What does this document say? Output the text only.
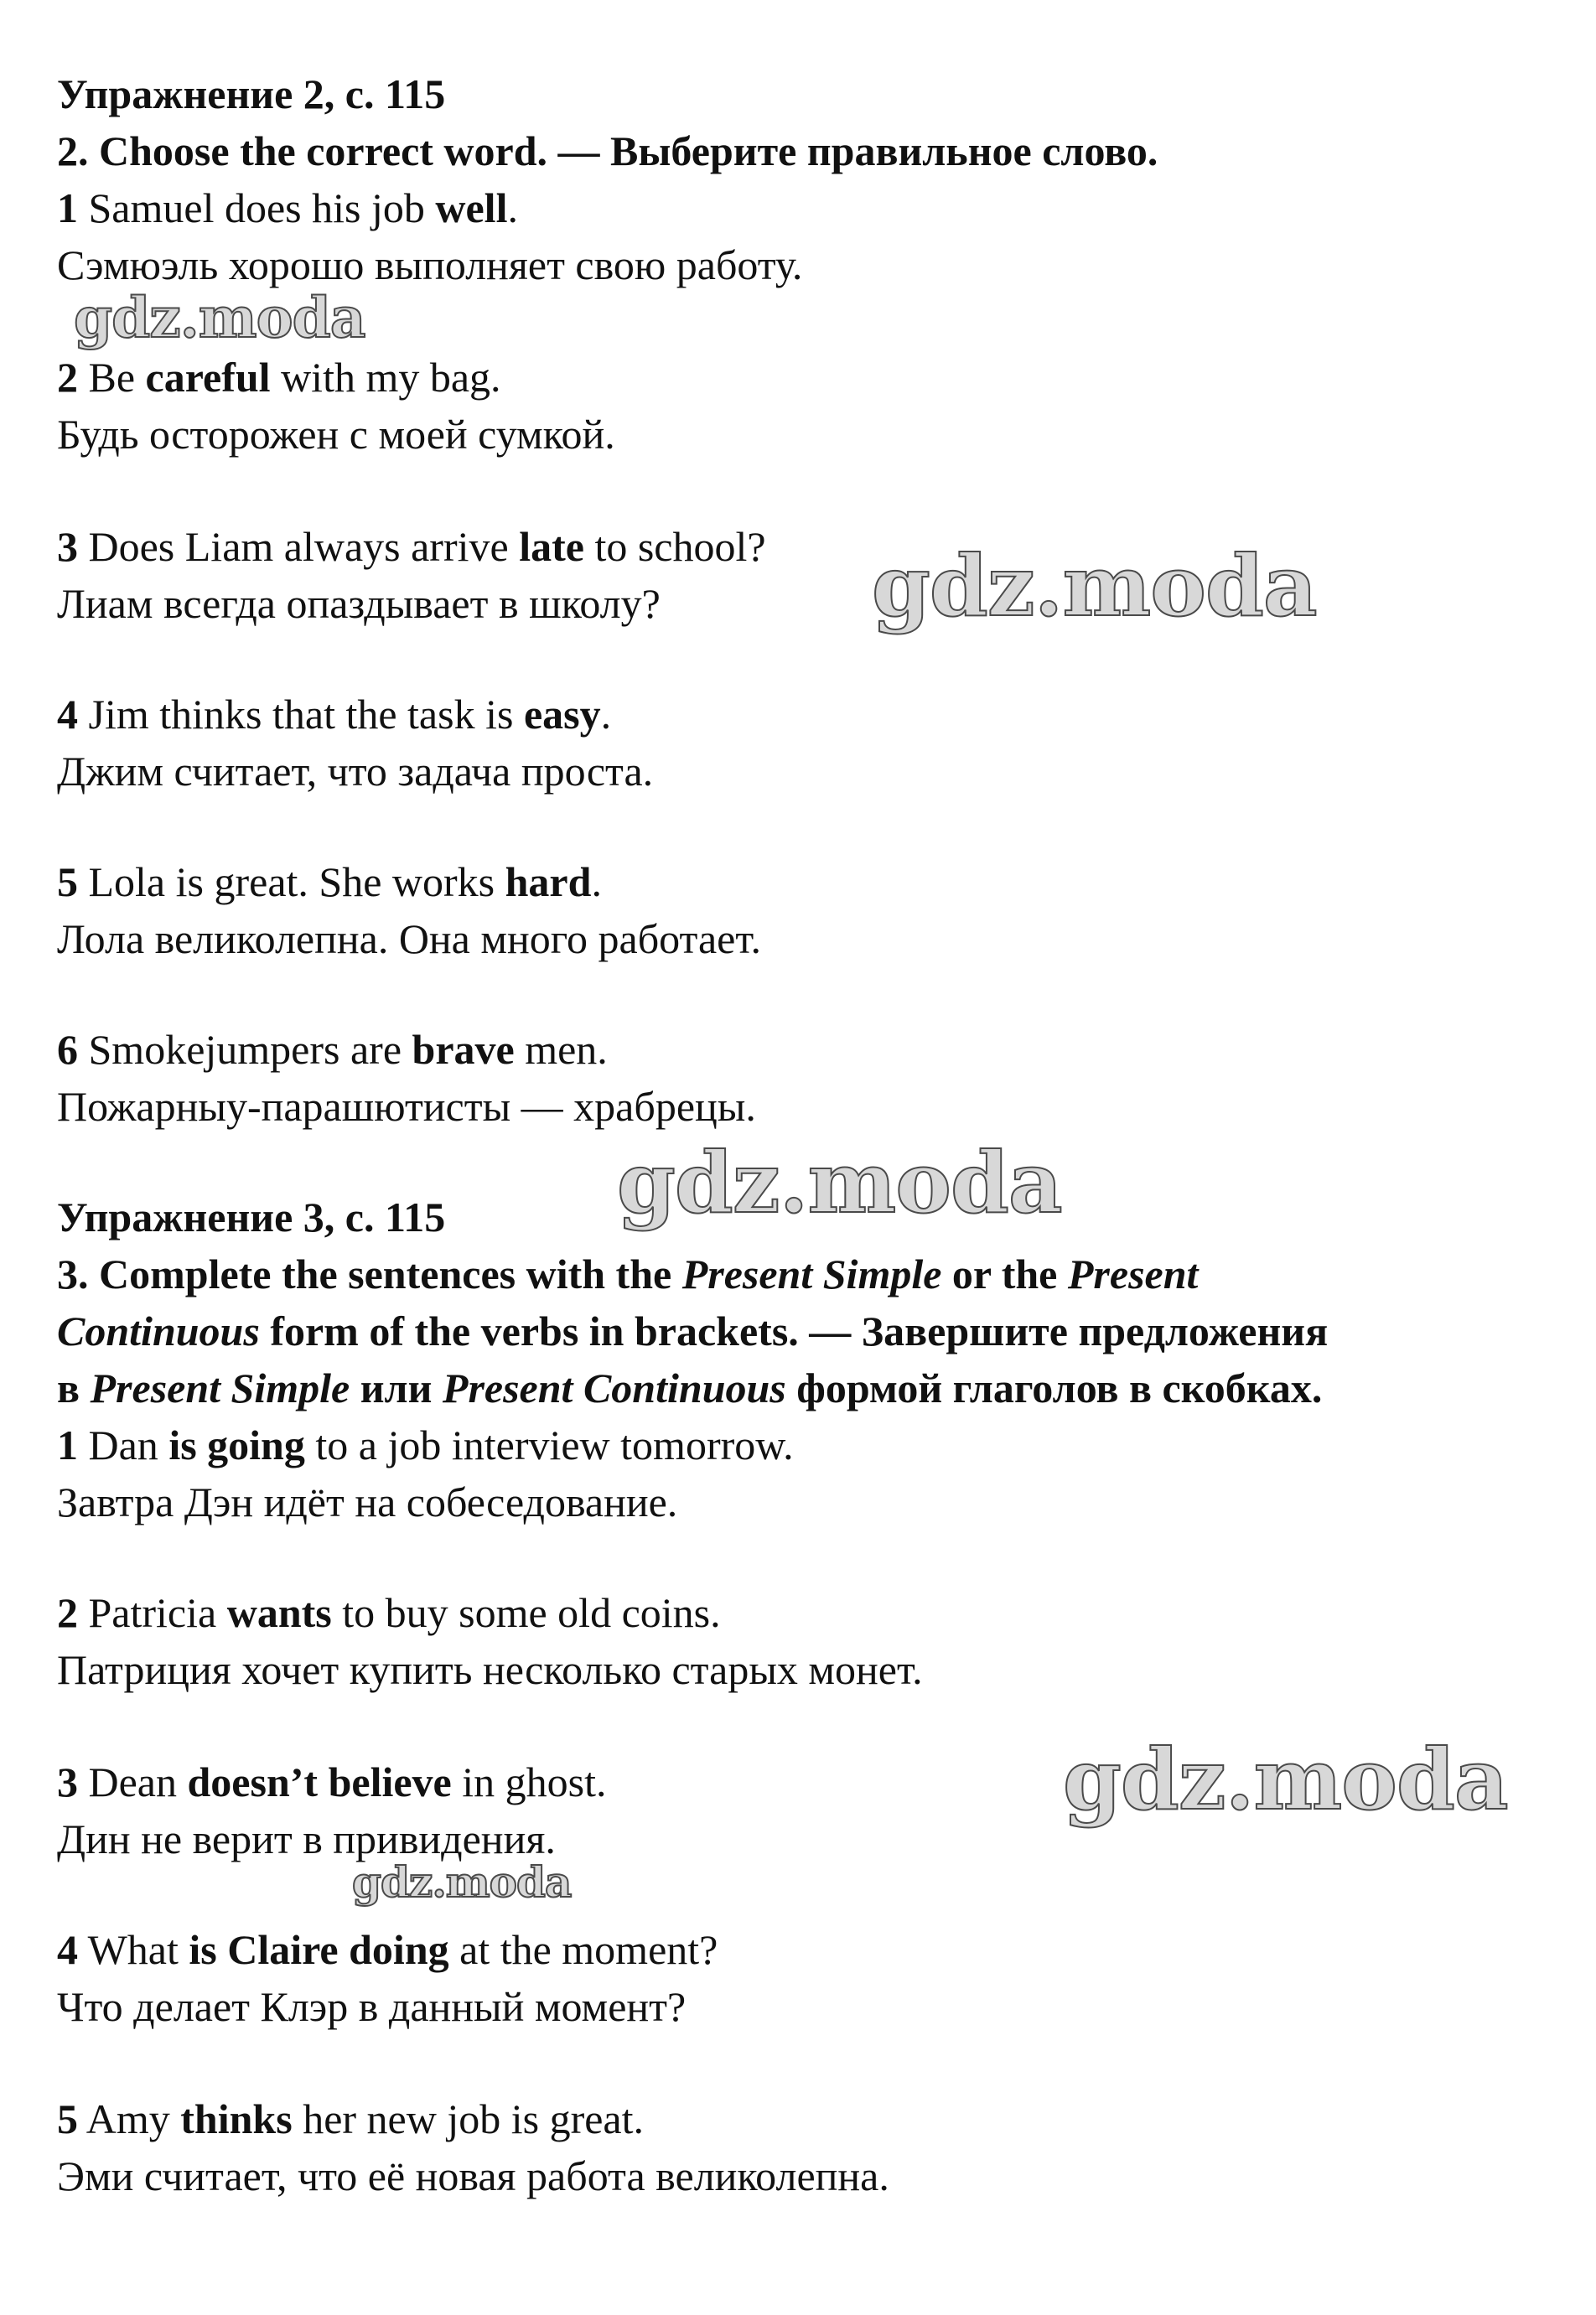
Упражнение 2, с. 115
2. Choose the correct word. — Выберите правильное слово.
1 Samuel does his job well.
Сэмюэль хорошо выполняет свою работу.
2 Be careful with my bag.
Будь осторожен с моей сумкой.
3 Does Liam always arrive late to school?
Лиам всегда опаздывает в школу?
4 Jim thinks that the task is easy.
Джим считает, что задача проста.
5 Lola is great. She works hard.
Лола великолепна. Она много работает.
6 Smokejumpers are brave men.
Пожарныу-парашютисты — храбрецы.
Упражнение 3, с. 115
3. Complete the sentences with the Present Simple or the Present
Continuous form of the verbs in brackets. — Завершите предложения
в Present Simple или Present Continuous формой глаголов в скобках.
1 Dan is going to a job interview tomorrow.
Завтра Дэн идёт на собеседование.
2 Patricia wants to buy some old coins.
Патриция хочет купить несколько старых монет.
3 Dean doesn’t believe in ghost.
Дин не верит в привидения.
4 What is Claire doing at the moment?
Что делает Клэр в данный момент?
5 Amy thinks her new job is great.
Эми считает, что её новая работа великолепна.
gdz.moda
gdz.moda
gdz.moda
gdz.moda
gdz.moda
